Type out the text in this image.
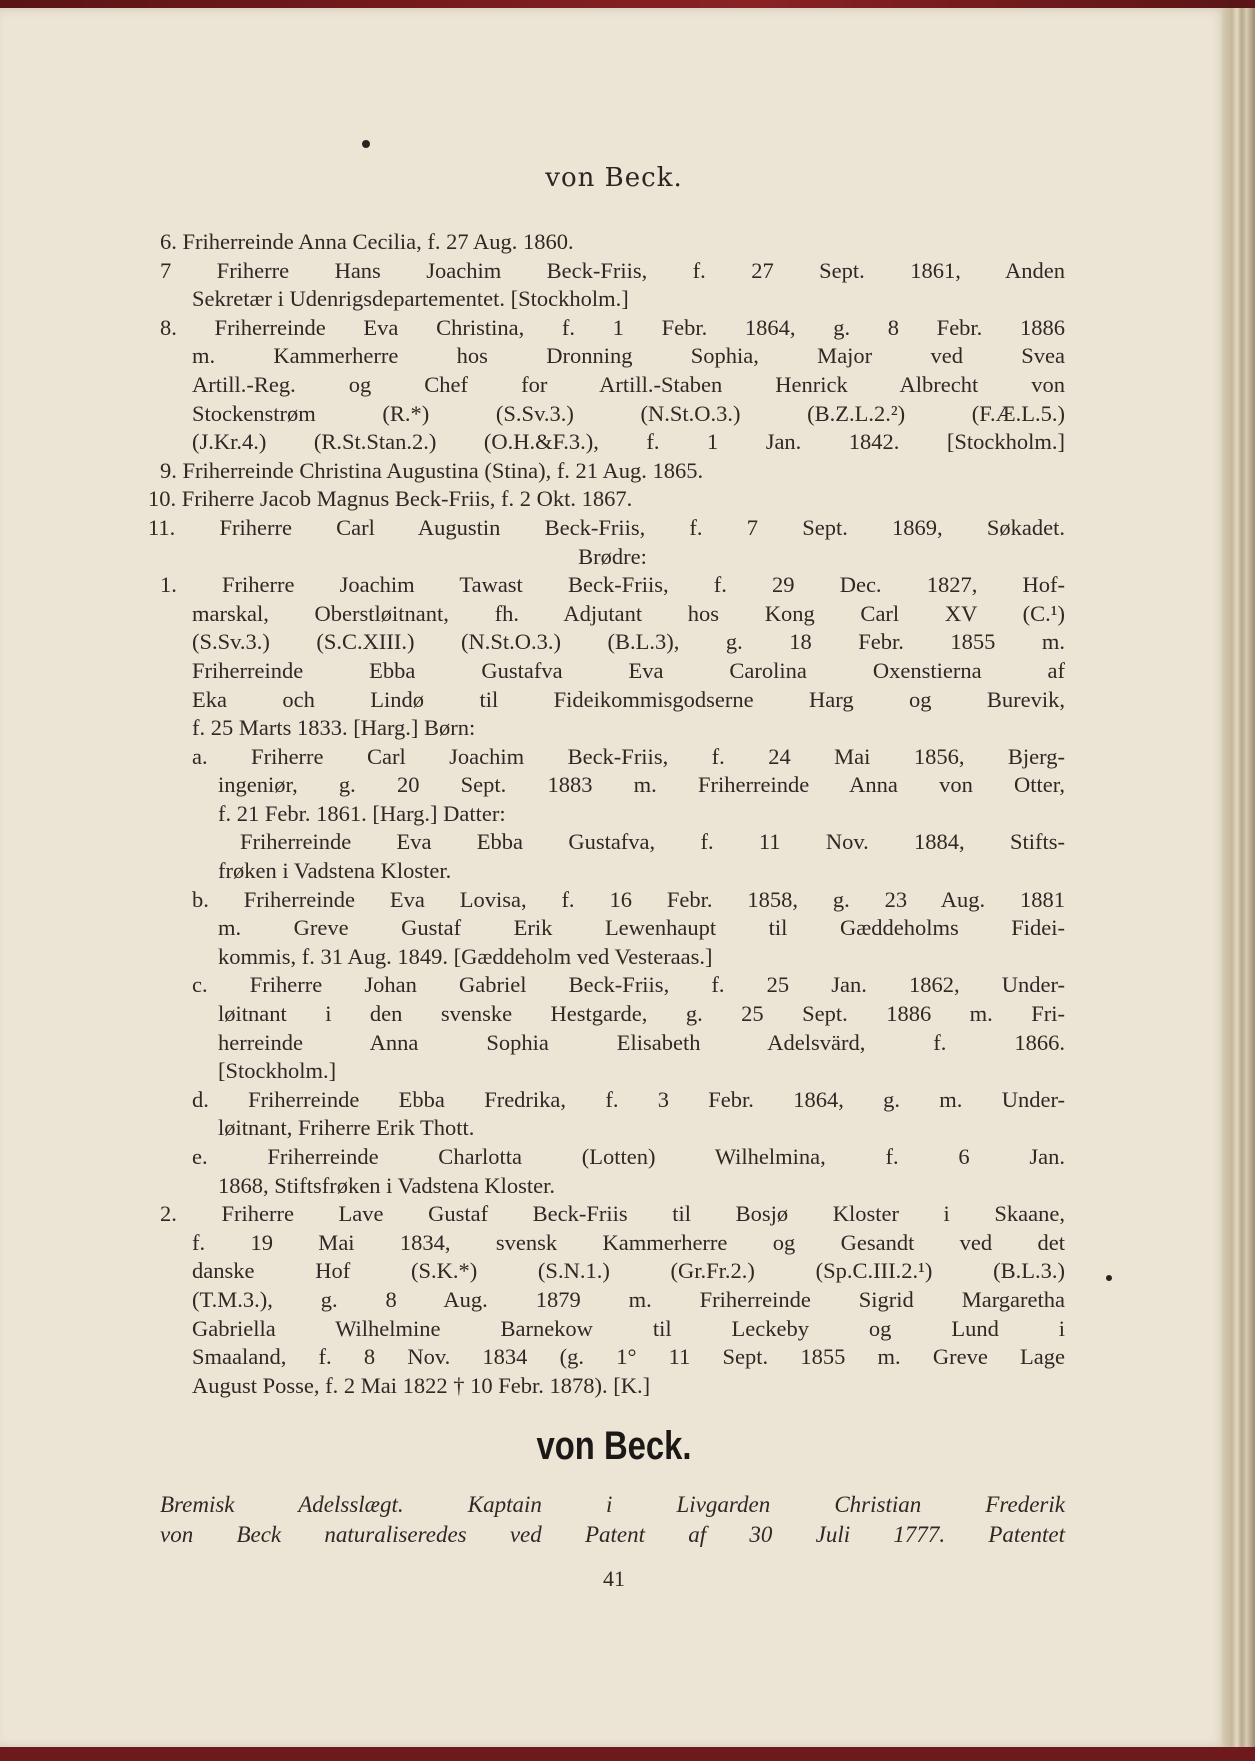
von Beck.
6. Friherreinde Anna Cecilia, f. 27 Aug. 1860.
7 Friherre Hans Joachim Beck-Friis, f. 27 Sept. 1861, Anden
Sekretær i Udenrigsdepartementet. [Stockholm.]
8. Friherreinde Eva Christina, f. 1 Febr. 1864, g. 8 Febr. 1886
m. Kammerherre hos Dronning Sophia, Major ved Svea
Artill.-Reg. og Chef for Artill.-Staben Henrick Albrecht von
Stockenstrøm (R.*) (S.Sv.3.) (N.St.O.3.) (B.Z.L.2.²) (F.Æ.L.5.)
(J.Kr.4.) (R.St.Stan.2.) (O.H.&F.3.), f. 1 Jan. 1842. [Stockholm.]
9. Friherreinde Christina Augustina (Stina), f. 21 Aug. 1865.
10. Friherre Jacob Magnus Beck-Friis, f. 2 Okt. 1867.
11. Friherre Carl Augustin Beck-Friis, f. 7 Sept. 1869, Søkadet.
Brødre:
1. Friherre Joachim Tawast Beck-Friis, f. 29 Dec. 1827, Hof-
marskal, Oberstløitnant, fh. Adjutant hos Kong Carl XV (C.¹)
(S.Sv.3.) (S.C.XIII.) (N.St.O.3.) (B.L.3), g. 18 Febr. 1855 m.
Friherreinde Ebba Gustafva Eva Carolina Oxenstierna af
Eka och Lindø til Fideikommisgodserne Harg og Burevik,
f. 25 Marts 1833. [Harg.] Børn:
a. Friherre Carl Joachim Beck-Friis, f. 24 Mai 1856, Bjerg-
ingeniør, g. 20 Sept. 1883 m. Friherreinde Anna von Otter,
f. 21 Febr. 1861. [Harg.] Datter:
Friherreinde Eva Ebba Gustafva, f. 11 Nov. 1884, Stifts-
frøken i Vadstena Kloster.
b. Friherreinde Eva Lovisa, f. 16 Febr. 1858, g. 23 Aug. 1881
m. Greve Gustaf Erik Lewenhaupt til Gæddeholms Fidei-
kommis, f. 31 Aug. 1849. [Gæddeholm ved Vesteraas.]
c. Friherre Johan Gabriel Beck-Friis, f. 25 Jan. 1862, Under-
løitnant i den svenske Hestgarde, g. 25 Sept. 1886 m. Fri-
herreinde Anna Sophia Elisabeth Adelsvärd, f. 1866.
[Stockholm.]
d. Friherreinde Ebba Fredrika, f. 3 Febr. 1864, g. m. Under-
løitnant, Friherre Erik Thott.
e. Friherreinde Charlotta (Lotten) Wilhelmina, f. 6 Jan.
1868, Stiftsfrøken i Vadstena Kloster.
2. Friherre Lave Gustaf Beck-Friis til Bosjø Kloster i Skaane,
f. 19 Mai 1834, svensk Kammerherre og Gesandt ved det
danske Hof (S.K.*) (S.N.1.) (Gr.Fr.2.) (Sp.C.III.2.¹) (B.L.3.)
(T.M.3.), g. 8 Aug. 1879 m. Friherreinde Sigrid Margaretha
Gabriella Wilhelmine Barnekow til Leckeby og Lund i
Smaaland, f. 8 Nov. 1834 (g. 1° 11 Sept. 1855 m. Greve Lage
August Posse, f. 2 Mai 1822 † 10 Febr. 1878). [K.]
von Beck.
Bremisk Adelsslægt. Kaptain i Livgarden Christian Frederik
von Beck naturaliseredes ved Patent af 30 Juli 1777. Patentet
41
